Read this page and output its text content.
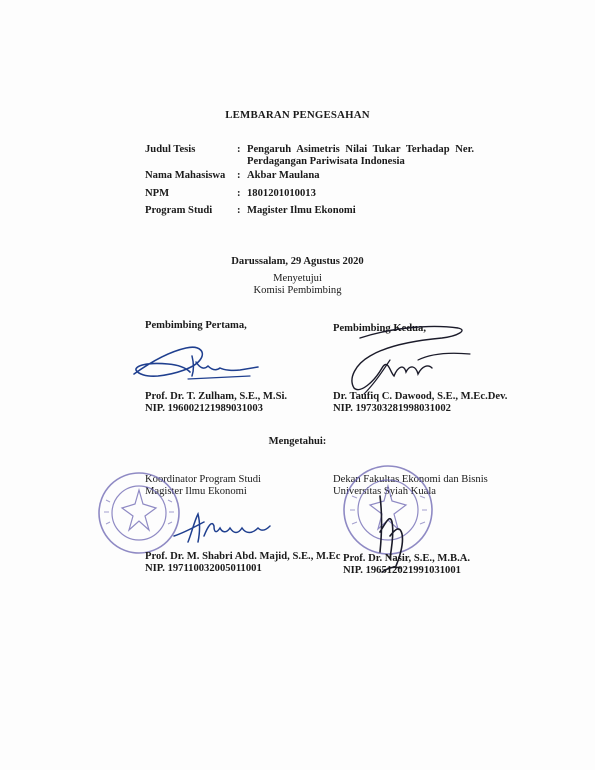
LEMBARAN PENGESAHAN
Judul Tesis	: Pengaruh Asimetris Nilai Tukar Terhadap Ner.
Perdagangan Pariwisata Indonesia
Nama Mahasiswa : Akbar Maulana
NPM	: 1801201010013
Program Studi : Magister Ilmu Ekonomi
Darussalam, 29 Agustus 2020
Menyetujui
Komisi Pembimbing
Pembimbing Pertama,	Pembimbing Kedua,
Prof. Dr. T. Zulham, S.E., M.Si.
NIP. 196002121989031003
Dr. Taufiq C. Dawood, S.E., M.Ec.Dev.
NIP. 197303281998031002
Mengetahui:
Koordinator Program Studi
Magister Ilmu Ekonomi
Dekan Fakultas Ekonomi dan Bisnis
Universitas Syiah Kuala
Prof. Dr. M. Shabri Abd. Majid, S.E., M.Ec
NIP. 197110032005011001
Prof. Dr. Nasir, S.E., M.B.A.
NIP. 196512021991031001
